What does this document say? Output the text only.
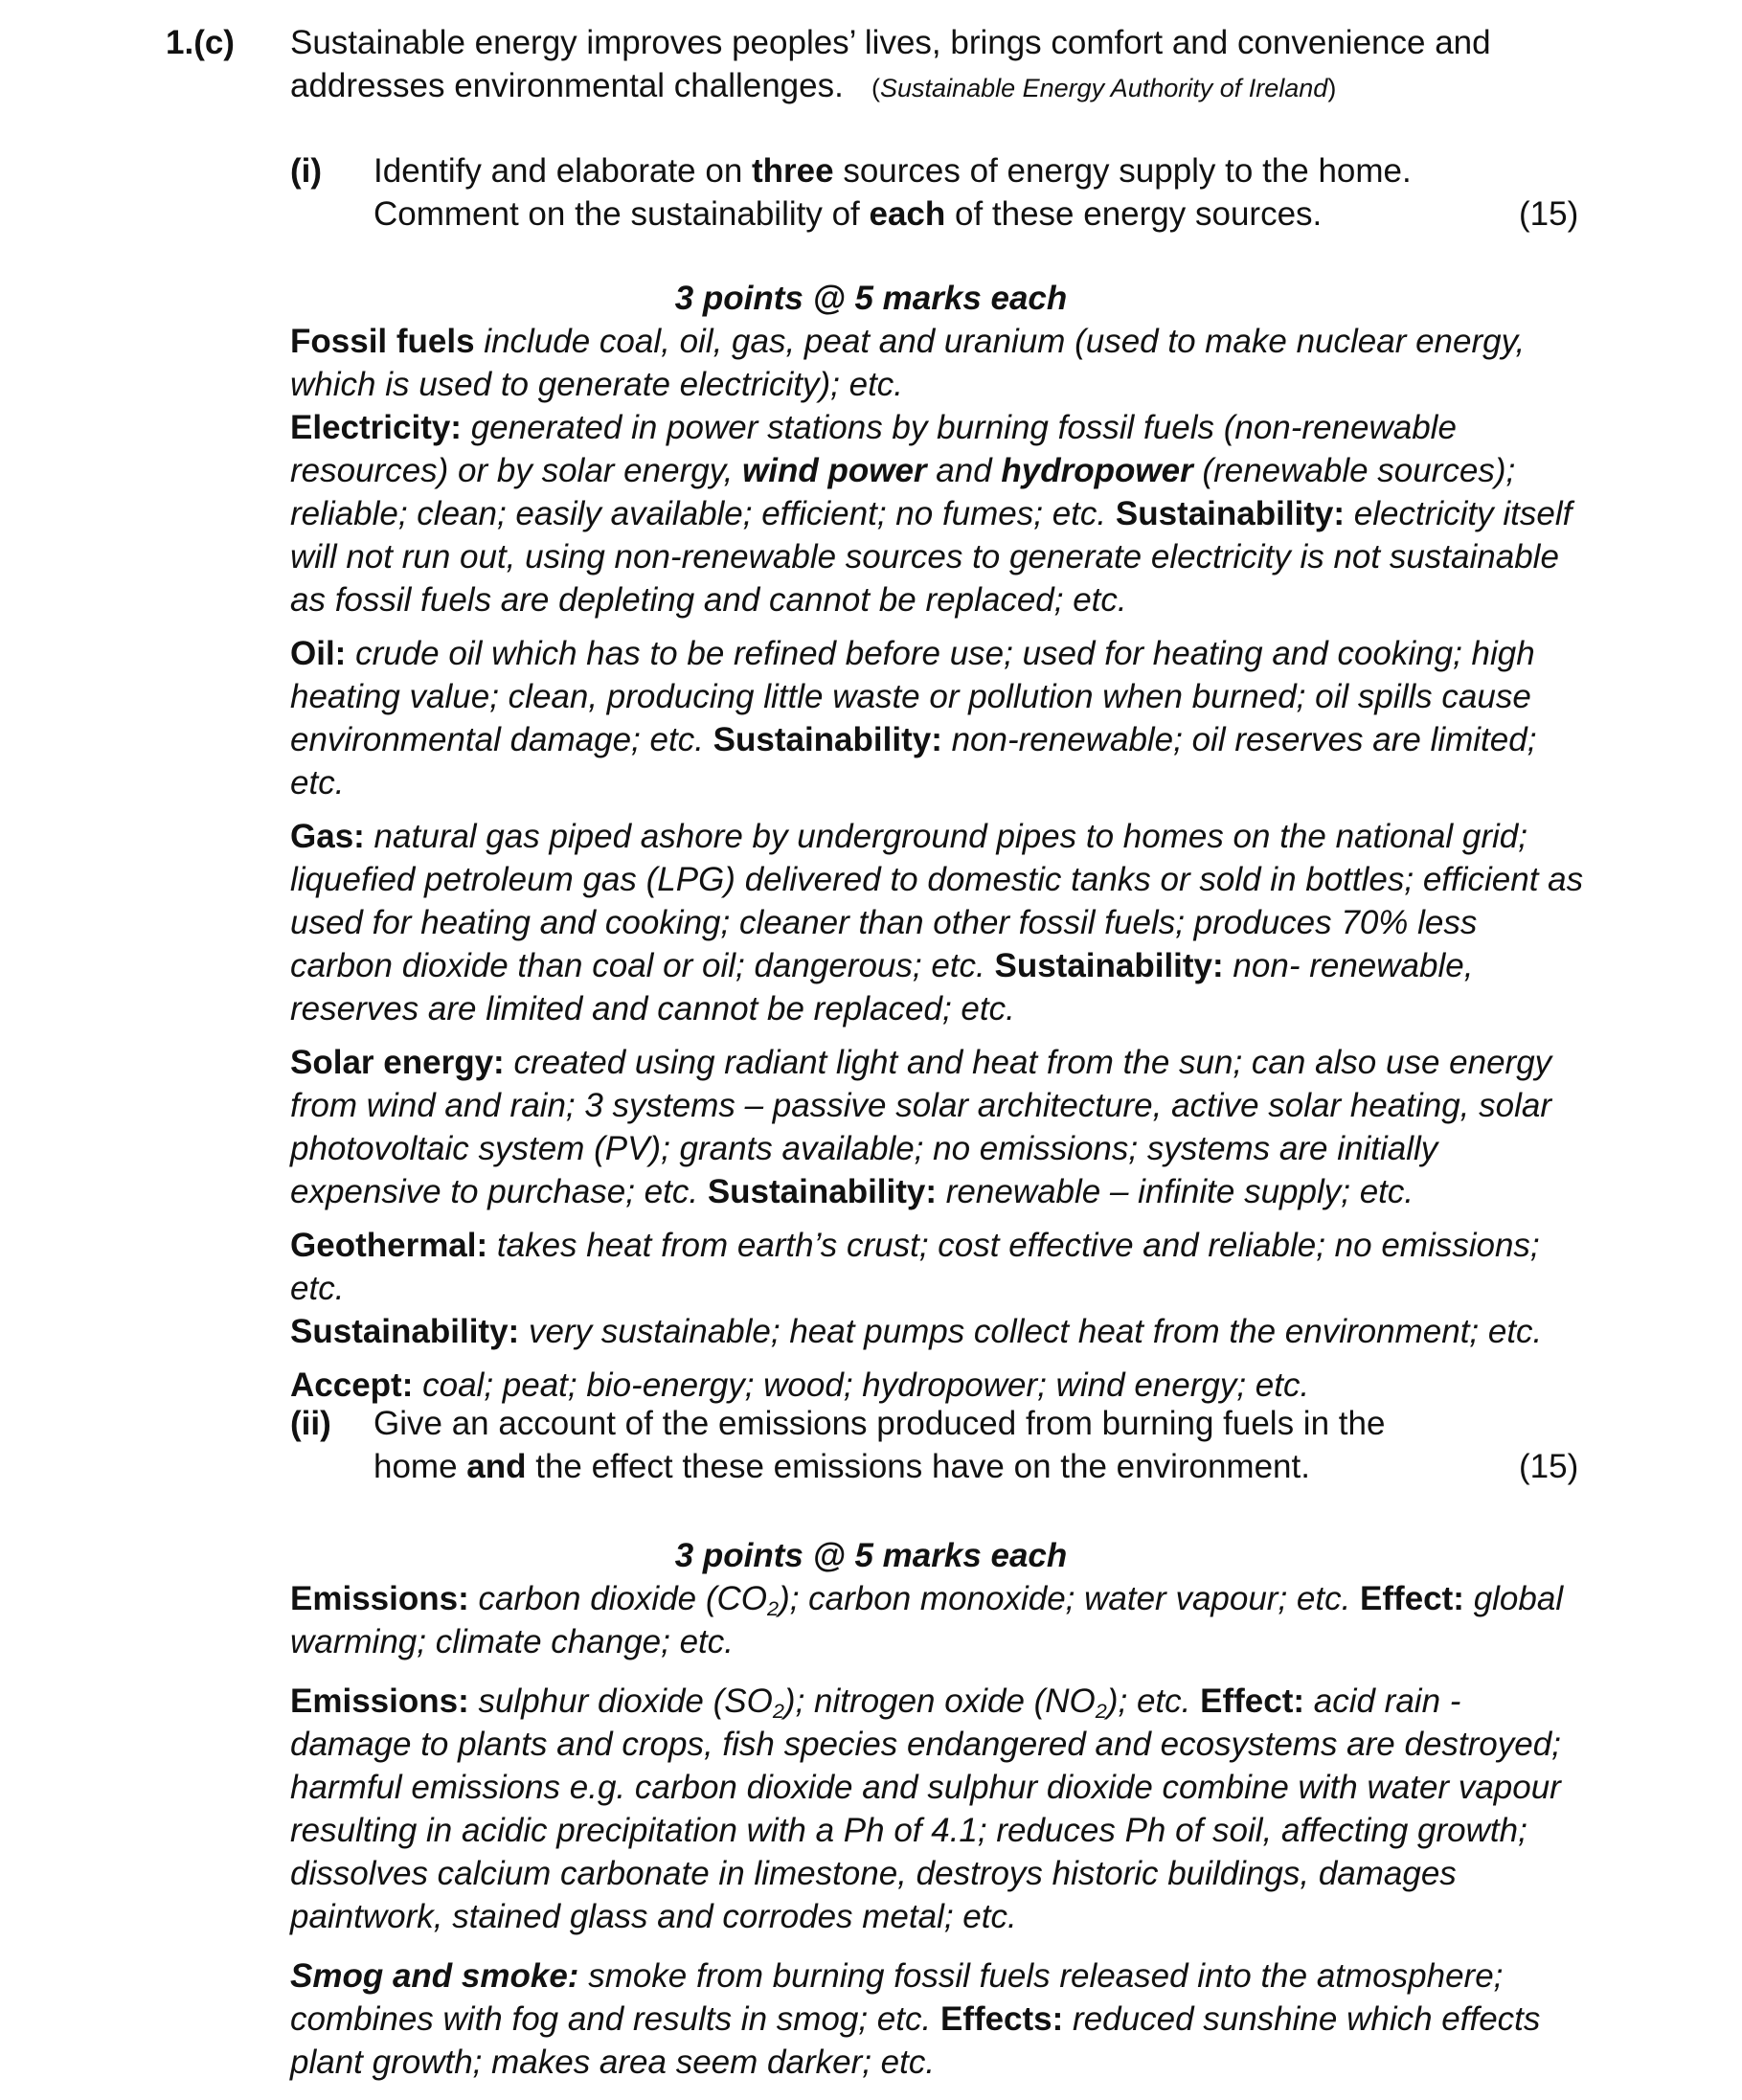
1.(c) Sustainable energy improves peoples’ lives, brings comfort and convenience and
addresses environmental challenges. (Sustainable Energy Authority of Ireland)
(i) Identify and elaborate on three sources of energy supply to the home.
Comment on the sustainability of each of these energy sources.	(15)
3 points @ 5 marks each

Fossil fuels include coal, oil, gas, peat and uranium (used to make nuclear energy, which is used to generate electricity); etc.

Electricity: generated in power stations by burning fossil fuels (non-renewable resources) or by solar energy, wind power and hydropower (renewable sources); reliable; clean; easily available; efficient; no fumes; etc. Sustainability: electricity itself will not run out, using non-renewable sources to generate electricity is not sustainable as fossil fuels are depleting and cannot be replaced; etc.

Oil: crude oil which has to be refined before use; used for heating and cooking; high heating value; clean, producing little waste or pollution when burned; oil spills cause environmental damage; etc. Sustainability: non-renewable; oil reserves are limited; etc.

Gas: natural gas piped ashore by underground pipes to homes on the national grid; liquefied petroleum gas (LPG) delivered to domestic tanks or sold in bottles; efficient as used for heating and cooking; cleaner than other fossil fuels; produces 70% less carbon dioxide than coal or oil; dangerous; etc. Sustainability: non- renewable, reserves are limited and cannot be replaced; etc.

Solar energy: created using radiant light and heat from the sun; can also use energy from wind and rain; 3 systems – passive solar architecture, active solar heating, solar photovoltaic system (PV); grants available; no emissions; systems are initially expensive to purchase; etc. Sustainability: renewable – infinite supply; etc.

Geothermal: takes heat from earth’s crust; cost effective and reliable; no emissions; etc.
Sustainability: very sustainable; heat pumps collect heat from the environment; etc.

Accept: coal; peat; bio-energy; wood; hydropower; wind energy; etc.

(ii) Give an account of the emissions produced from burning fuels in the
home and the effect these emissions have on the environment.	(15)
3 points @ 5 marks each

Emissions: carbon dioxide $(CO_2)$; carbon monoxide; water vapour; etc. Effect: global warming; climate change; etc.

Emissions: sulphur dioxide $(SO_2)$; nitrogen oxide $(NO_2)$; etc. Effect: acid rain - damage to plants and crops, fish species endangered and ecosystems are destroyed; harmful emissions e.g. carbon dioxide and sulphur dioxide combine with water vapour resulting in acidic precipitation with a Ph of 4.1; reduces Ph of soil, affecting growth; dissolves calcium carbonate in limestone, destroys historic buildings, damages paintwork, stained glass and corrodes metal; etc.

Smog and smoke: smoke from burning fossil fuels released into the atmosphere; combines with fog and results in smog; etc. Effects: reduced sunshine which effects plant growth; makes area seem darker; etc.
